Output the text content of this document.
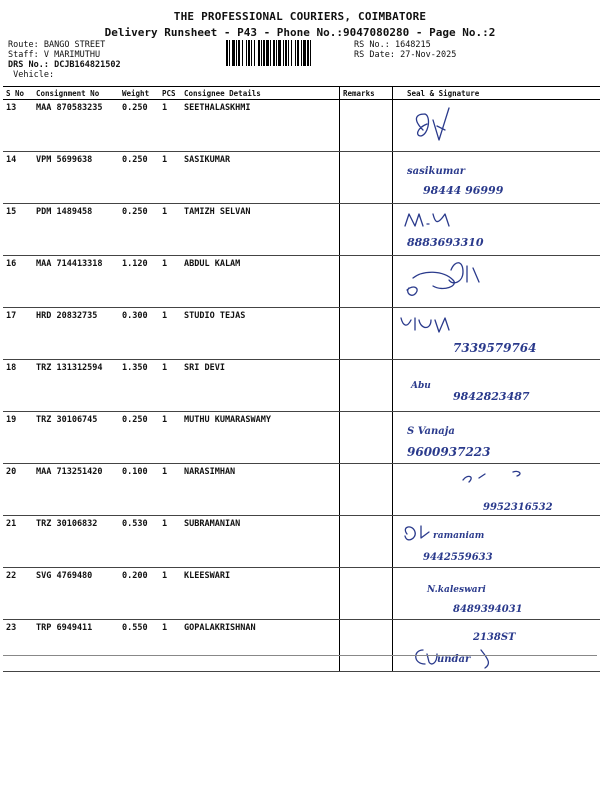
THE PROFESSIONAL COURIERS, COIMBATORE
Delivery Runsheet - P43 - Phone No.:9047080280 - Page No.:2
Route: BANGO STREET
Staff: V MARIMUTHU
DRS No.: DCJB164821502
Vehicle:
RS No.: 1648215
RS Date: 27-Nov-2025
S No	Consignment No	Weight	PCS	Consignee Details	Remarks	Seal & Signature
13	MAA 870583235	0.250	1	SEETHALASKHMI		

14	VPM 5699638	0.250	1	SASIKUMAR		sasikumar
98444 96999

15	PDM 1489458	0.250	1	TAMIZH SELVAN		8883693310

16	MAA 714413318	1.120	1	ABDUL KALAM		

17	HRD 20832735	0.300	1	STUDIO TEJAS		7339579764

18	TRZ 131312594	1.350	1	SRI DEVI		Abu
9842823487

19	TRZ 30106745	0.250	1	MUTHU KUMARASWAMY		S Vanaja
9600937223

20	MAA 713251420	0.100	1	NARASIMHAN		9952316532

21	TRZ 30106832	0.530	1	SUBRAMANIAN		ramaniam
9442559633

22	SVG 4769480	0.200	1	KLEESWARI		N.kaleswari
8489394031

23	TRP 6949411	0.550	1	GOPALAKRISHNAN		2138ST
undar
